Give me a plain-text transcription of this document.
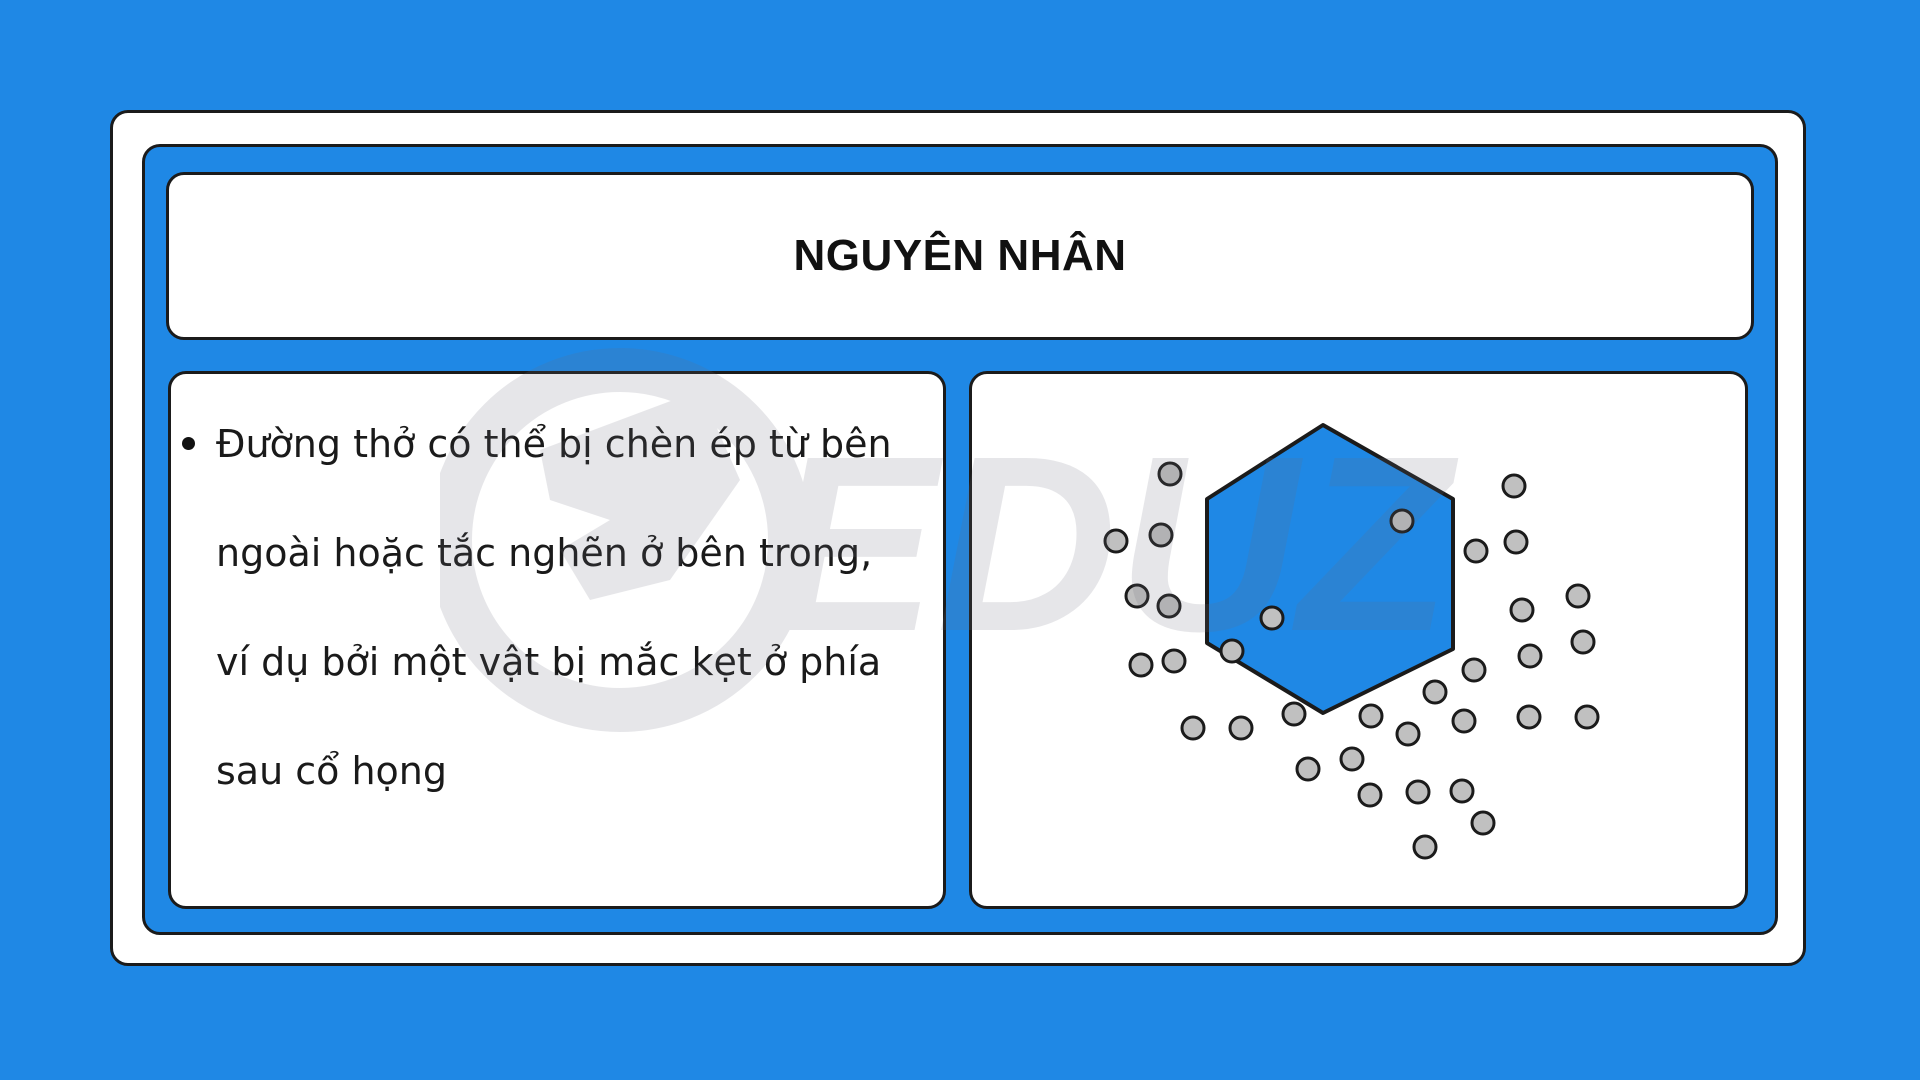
NGUYÊN NHÂN
Đường thở có thể bị chèn ép từ bên ngoài hoặc tắc nghẽn ở bên trong, ví dụ bởi một vật bị mắc kẹt ở phía sau cổ họng
